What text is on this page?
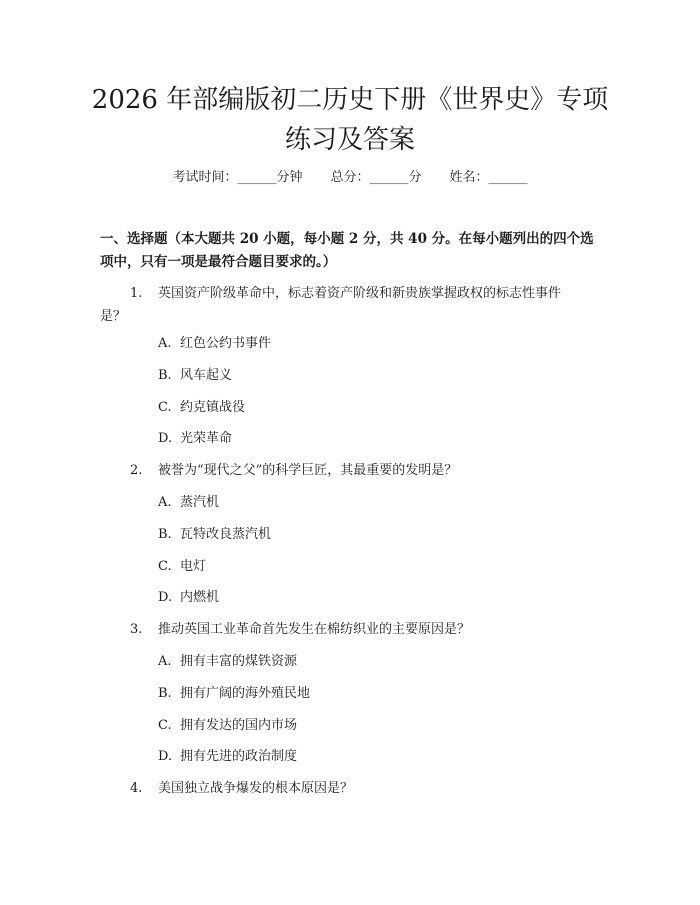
2026 年部编版初二历史下册《世界史》专项
练习及答案
考试时间：______分钟 总分：______分 姓名：______
一、选择题（本大题共 20 小题，每小题 2 分，共 40 分。在每小题列出的四个选
项中，只有一项是最符合题目要求的。）
1. 英国资产阶级革命中，标志着资产阶级和新贵族掌握政权的标志性事件
是？
A. 红色公约书事件
B. 风车起义
C. 约克镇战役
D. 光荣革命
2. 被誉为“现代之父”的科学巨匠，其最重要的发明是？
A. 蒸汽机
B. 瓦特改良蒸汽机
C. 电灯
D. 内燃机
3. 推动英国工业革命首先发生在棉纺织业的主要原因是？
A. 拥有丰富的煤铁资源
B. 拥有广阔的海外殖民地
C. 拥有发达的国内市场
D. 拥有先进的政治制度
4. 美国独立战争爆发的根本原因是？
